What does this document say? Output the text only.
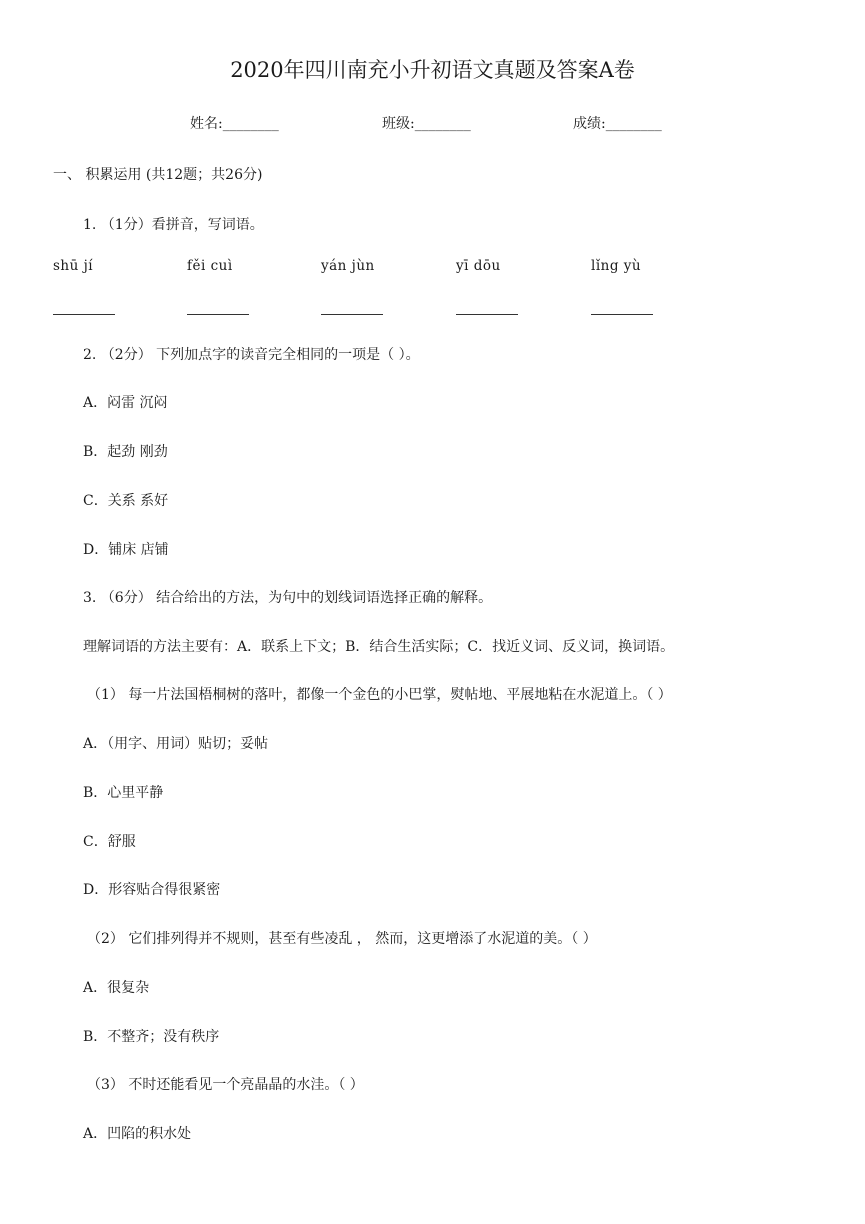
2020年四川南充小升初语文真题及答案A卷
姓名:________	班级:________	成绩:________
一、 积累运用 (共12题；共26分)
1. （1分）看拼音，写词语。
shū jí	fěi cuì	yán jùn	yī dōu	lǐng yù
2. （2分） 下列加点字的读音完全相同的一项是（ ）。
A．闷雷 沉闷
B．起劲 刚劲
C．关系 系好
D．铺床 店铺
3. （6分） 结合给出的方法，为句中的划线词语选择正确的解释。
理解词语的方法主要有：A．联系上下文；B．结合生活实际；C．找近义词、反义词，换词语。
（1） 每一片法国梧桐树的落叶，都像一个金色的小巴掌，熨帖地、平展地粘在水泥道上。（ ）
A．（用字、用词）贴切；妥帖
B．心里平静
C．舒服
D．形容贴合得很紧密
（2） 它们排列得并不规则，甚至有些凌乱 ， 然而，这更增添了水泥道的美。（ ）
A．很复杂
B．不整齐；没有秩序
（3） 不时还能看见一个亮晶晶的水洼。（ ）
A．凹陷的积水处
